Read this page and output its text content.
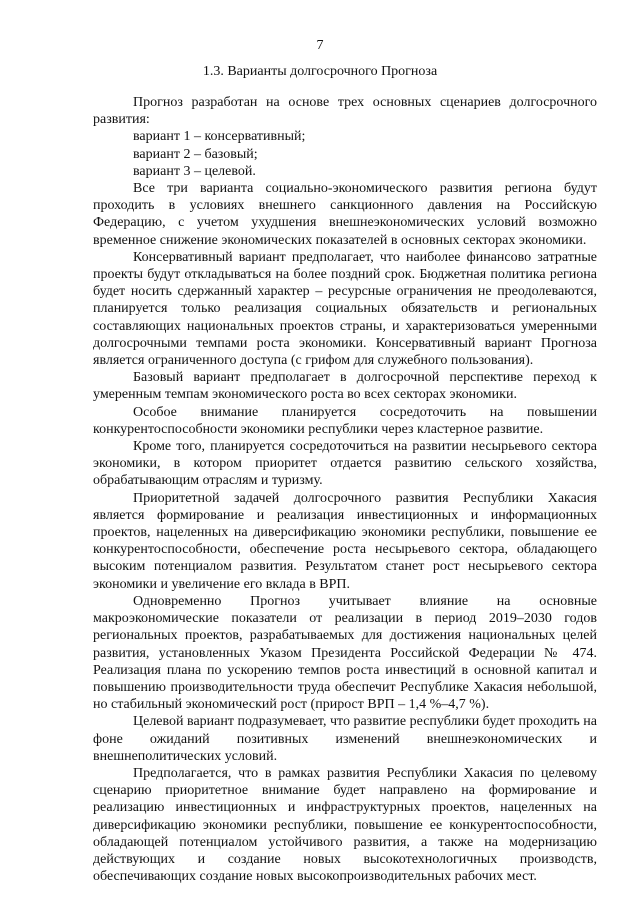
7
1.3. Варианты долгосрочного Прогноза

Прогноз разработан на основе трех основных сценариев долгосрочного развития:

вариант 1 – консервативный;

вариант 2 – базовый;

вариант 3 – целевой.

Все три варианта социально-экономического развития региона будут проходить в условиях внешнего санкционного давления на Российскую Федерацию, с учетом ухудшения внешнеэкономических условий возможно временное снижение экономических показателей в основных секторах экономики.

Консервативный вариант предполагает, что наиболее финансово затратные проекты будут откладываться на более поздний срок. Бюджетная политика региона будет носить сдержанный характер – ресурсные ограничения не преодолеваются, планируется только реализация социальных обязательств и региональных составляющих национальных проектов страны, и характеризоваться умеренными долгосрочными темпами роста экономики. Консервативный вариант Прогноза является ограниченного доступа (с грифом для служебного пользования).

Базовый вариант предполагает в долгосрочной перспективе переход к умеренным темпам экономического роста во всех секторах экономики.

Особое внимание планируется сосредоточить на повышении конкурентоспособности экономики республики через кластерное развитие.

Кроме того, планируется сосредоточиться на развитии несырьевого сектора экономики, в котором приоритет отдается развитию сельского хозяйства, обрабатывающим отраслям и туризму.

Приоритетной задачей долгосрочного развития Республики Хакасия является формирование и реализация инвестиционных и информационных проектов, нацеленных на диверсификацию экономики республики, повышение ее конкурентоспособности, обеспечение роста несырьевого сектора, обладающего высоким потенциалом развития. Результатом станет рост несырьевого сектора экономики и увеличение его вклада в ВРП.

Одновременно Прогноз учитывает влияние на основные макроэкономические показатели от реализации в период 2019–2030 годов региональных проектов, разрабатываемых для достижения национальных целей развития, установленных Указом Президента Российской Федерации № 474. Реализация плана по ускорению темпов роста инвестиций в основной капитал и повышению производительности труда обеспечит Республике Хакасия небольшой, но стабильный экономический рост (прирост ВРП – 1,4 %–4,7 %).

Целевой вариант подразумевает, что развитие республики будет проходить на фоне ожиданий позитивных изменений внешнеэкономических и внешнеполитических условий.

Предполагается, что в рамках развития Республики Хакасия по целевому сценарию приоритетное внимание будет направлено на формирование и реализацию инвестиционных и инфраструктурных проектов, нацеленных на диверсификацию экономики республики, повышение ее конкурентоспособности, обладающей потенциалом устойчивого развития, а также на модернизацию действующих и создание новых высокотехнологичных производств, обеспечивающих создание новых высокопроизводительных рабочих мест.
